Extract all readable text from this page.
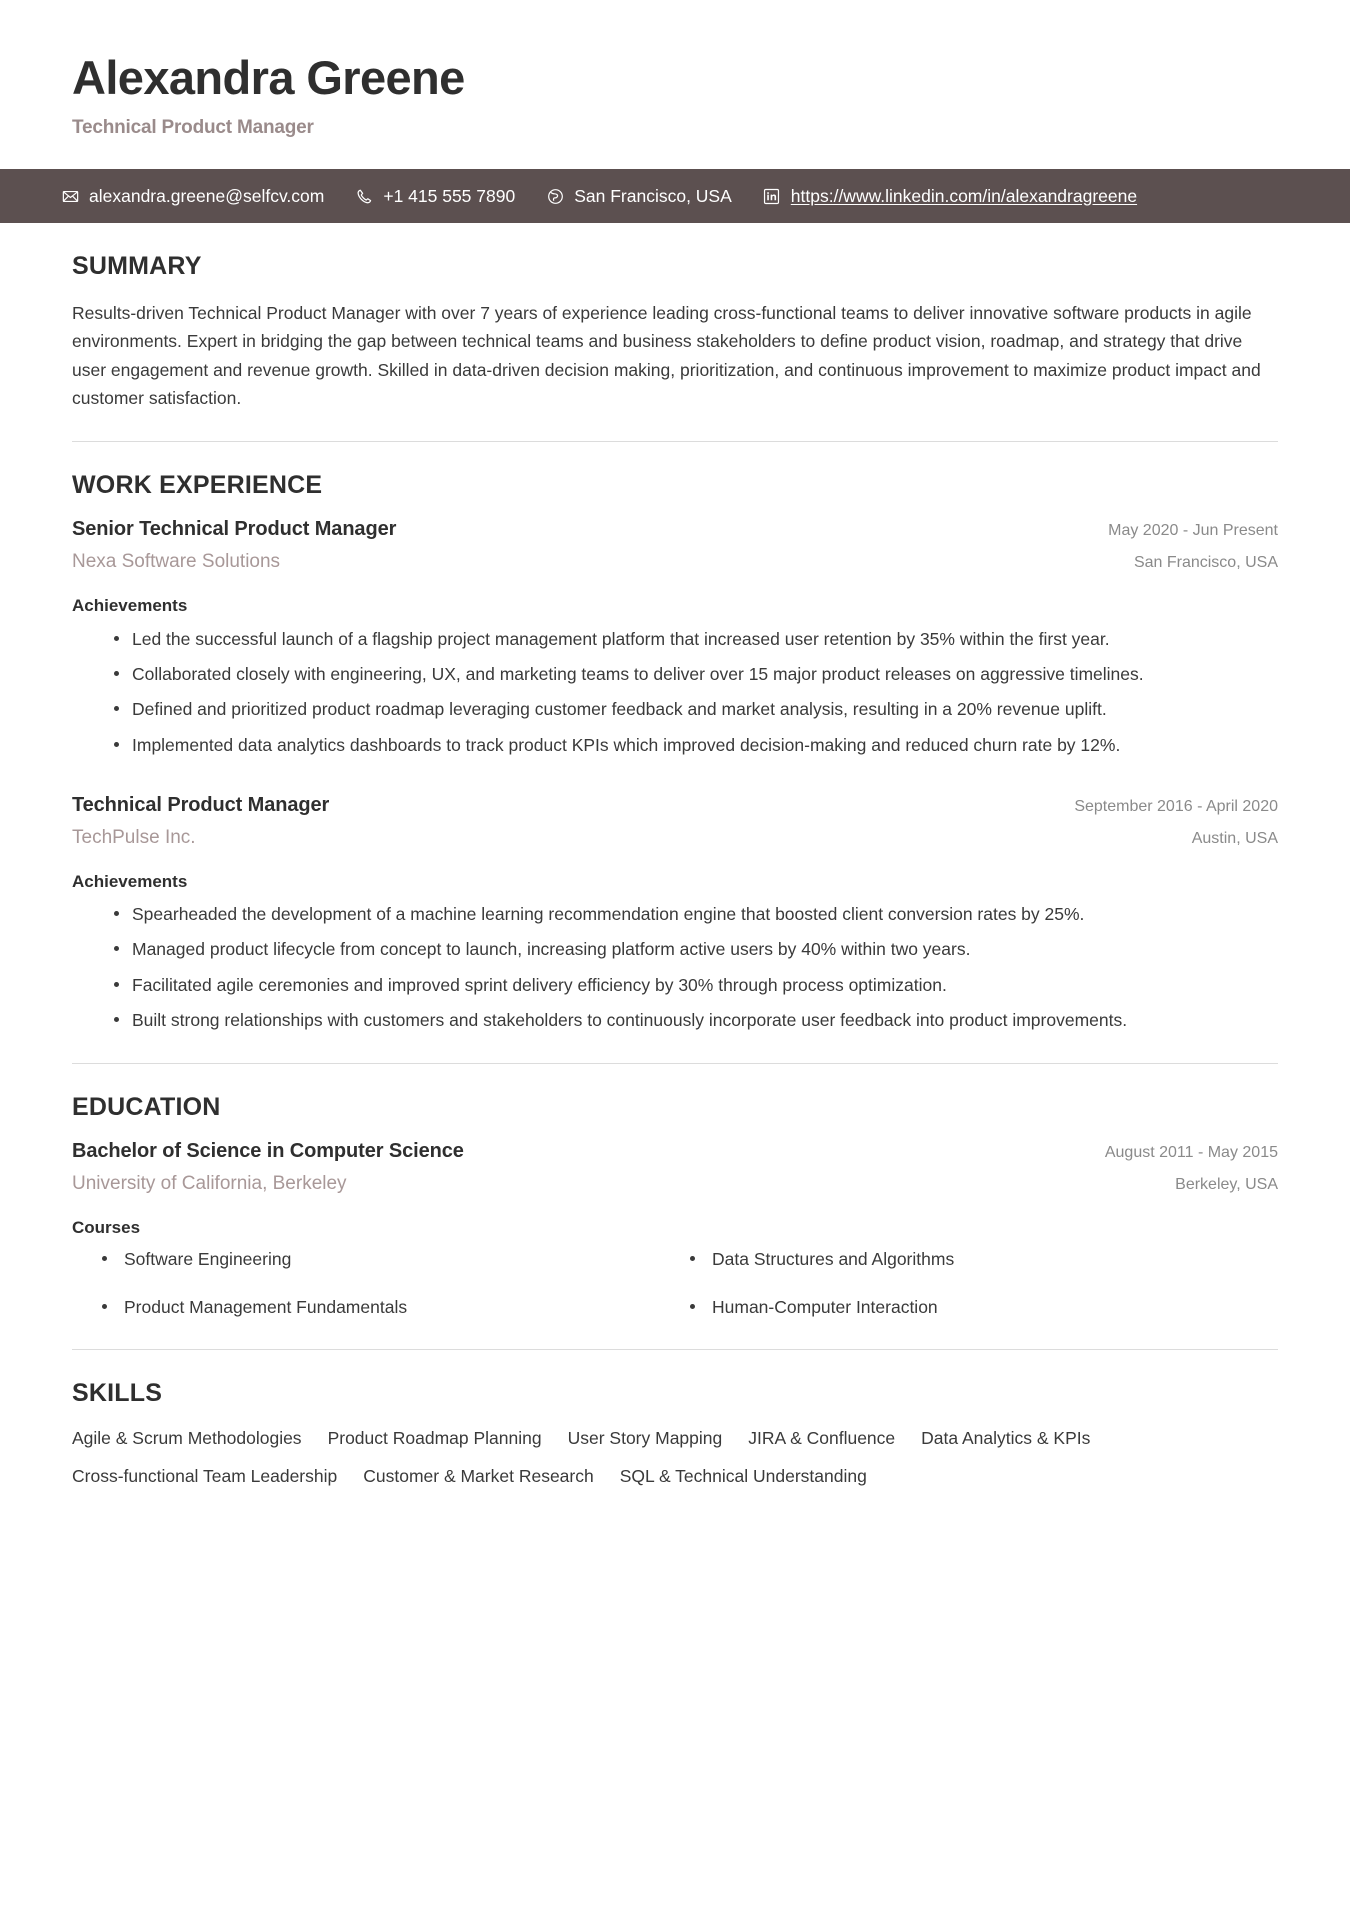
Alexandra Greene
Technical Product Manager
alexandra.greene@selfcv.com	+1 415 555 7890	San Francisco, USA	https://www.linkedin.com/in/alexandragreene
SUMMARY

Results-driven Technical Product Manager with over 7 years of experience leading cross-functional teams to deliver innovative software products in agile environments. Expert in bridging the gap between technical teams and business stakeholders to define product vision, roadmap, and strategy that drive user engagement and revenue growth. Skilled in data-driven decision making, prioritization, and continuous improvement to maximize product impact and customer satisfaction.

WORK EXPERIENCE
Senior Technical Product Manager	May 2020 - Jun Present
Nexa Software Solutions	San Francisco, USA
Achievements
Led the successful launch of a flagship project management platform that increased user retention by 35% within the first year.
Collaborated closely with engineering, UX, and marketing teams to deliver over 15 major product releases on aggressive timelines.
Defined and prioritized product roadmap leveraging customer feedback and market analysis, resulting in a 20% revenue uplift.
Implemented data analytics dashboards to track product KPIs which improved decision-making and reduced churn rate by 12%.
Technical Product Manager	September 2016 - April 2020
TechPulse Inc.	Austin, USA
Achievements
Spearheaded the development of a machine learning recommendation engine that boosted client conversion rates by 25%.
Managed product lifecycle from concept to launch, increasing platform active users by 40% within two years.
Facilitated agile ceremonies and improved sprint delivery efficiency by 30% through process optimization.
Built strong relationships with customers and stakeholders to continuously incorporate user feedback into product improvements.
EDUCATION
Bachelor of Science in Computer Science	August 2011 - May 2015
University of California, Berkeley	Berkeley, USA
Courses
Software Engineering	Data Structures and Algorithms
Product Management Fundamentals	Human-Computer Interaction
SKILLS
Agile & Scrum Methodologies Product Roadmap Planning User Story Mapping JIRA & Confluence Data Analytics & KPIs
Cross-functional Team Leadership Customer & Market Research SQL & Technical Understanding
